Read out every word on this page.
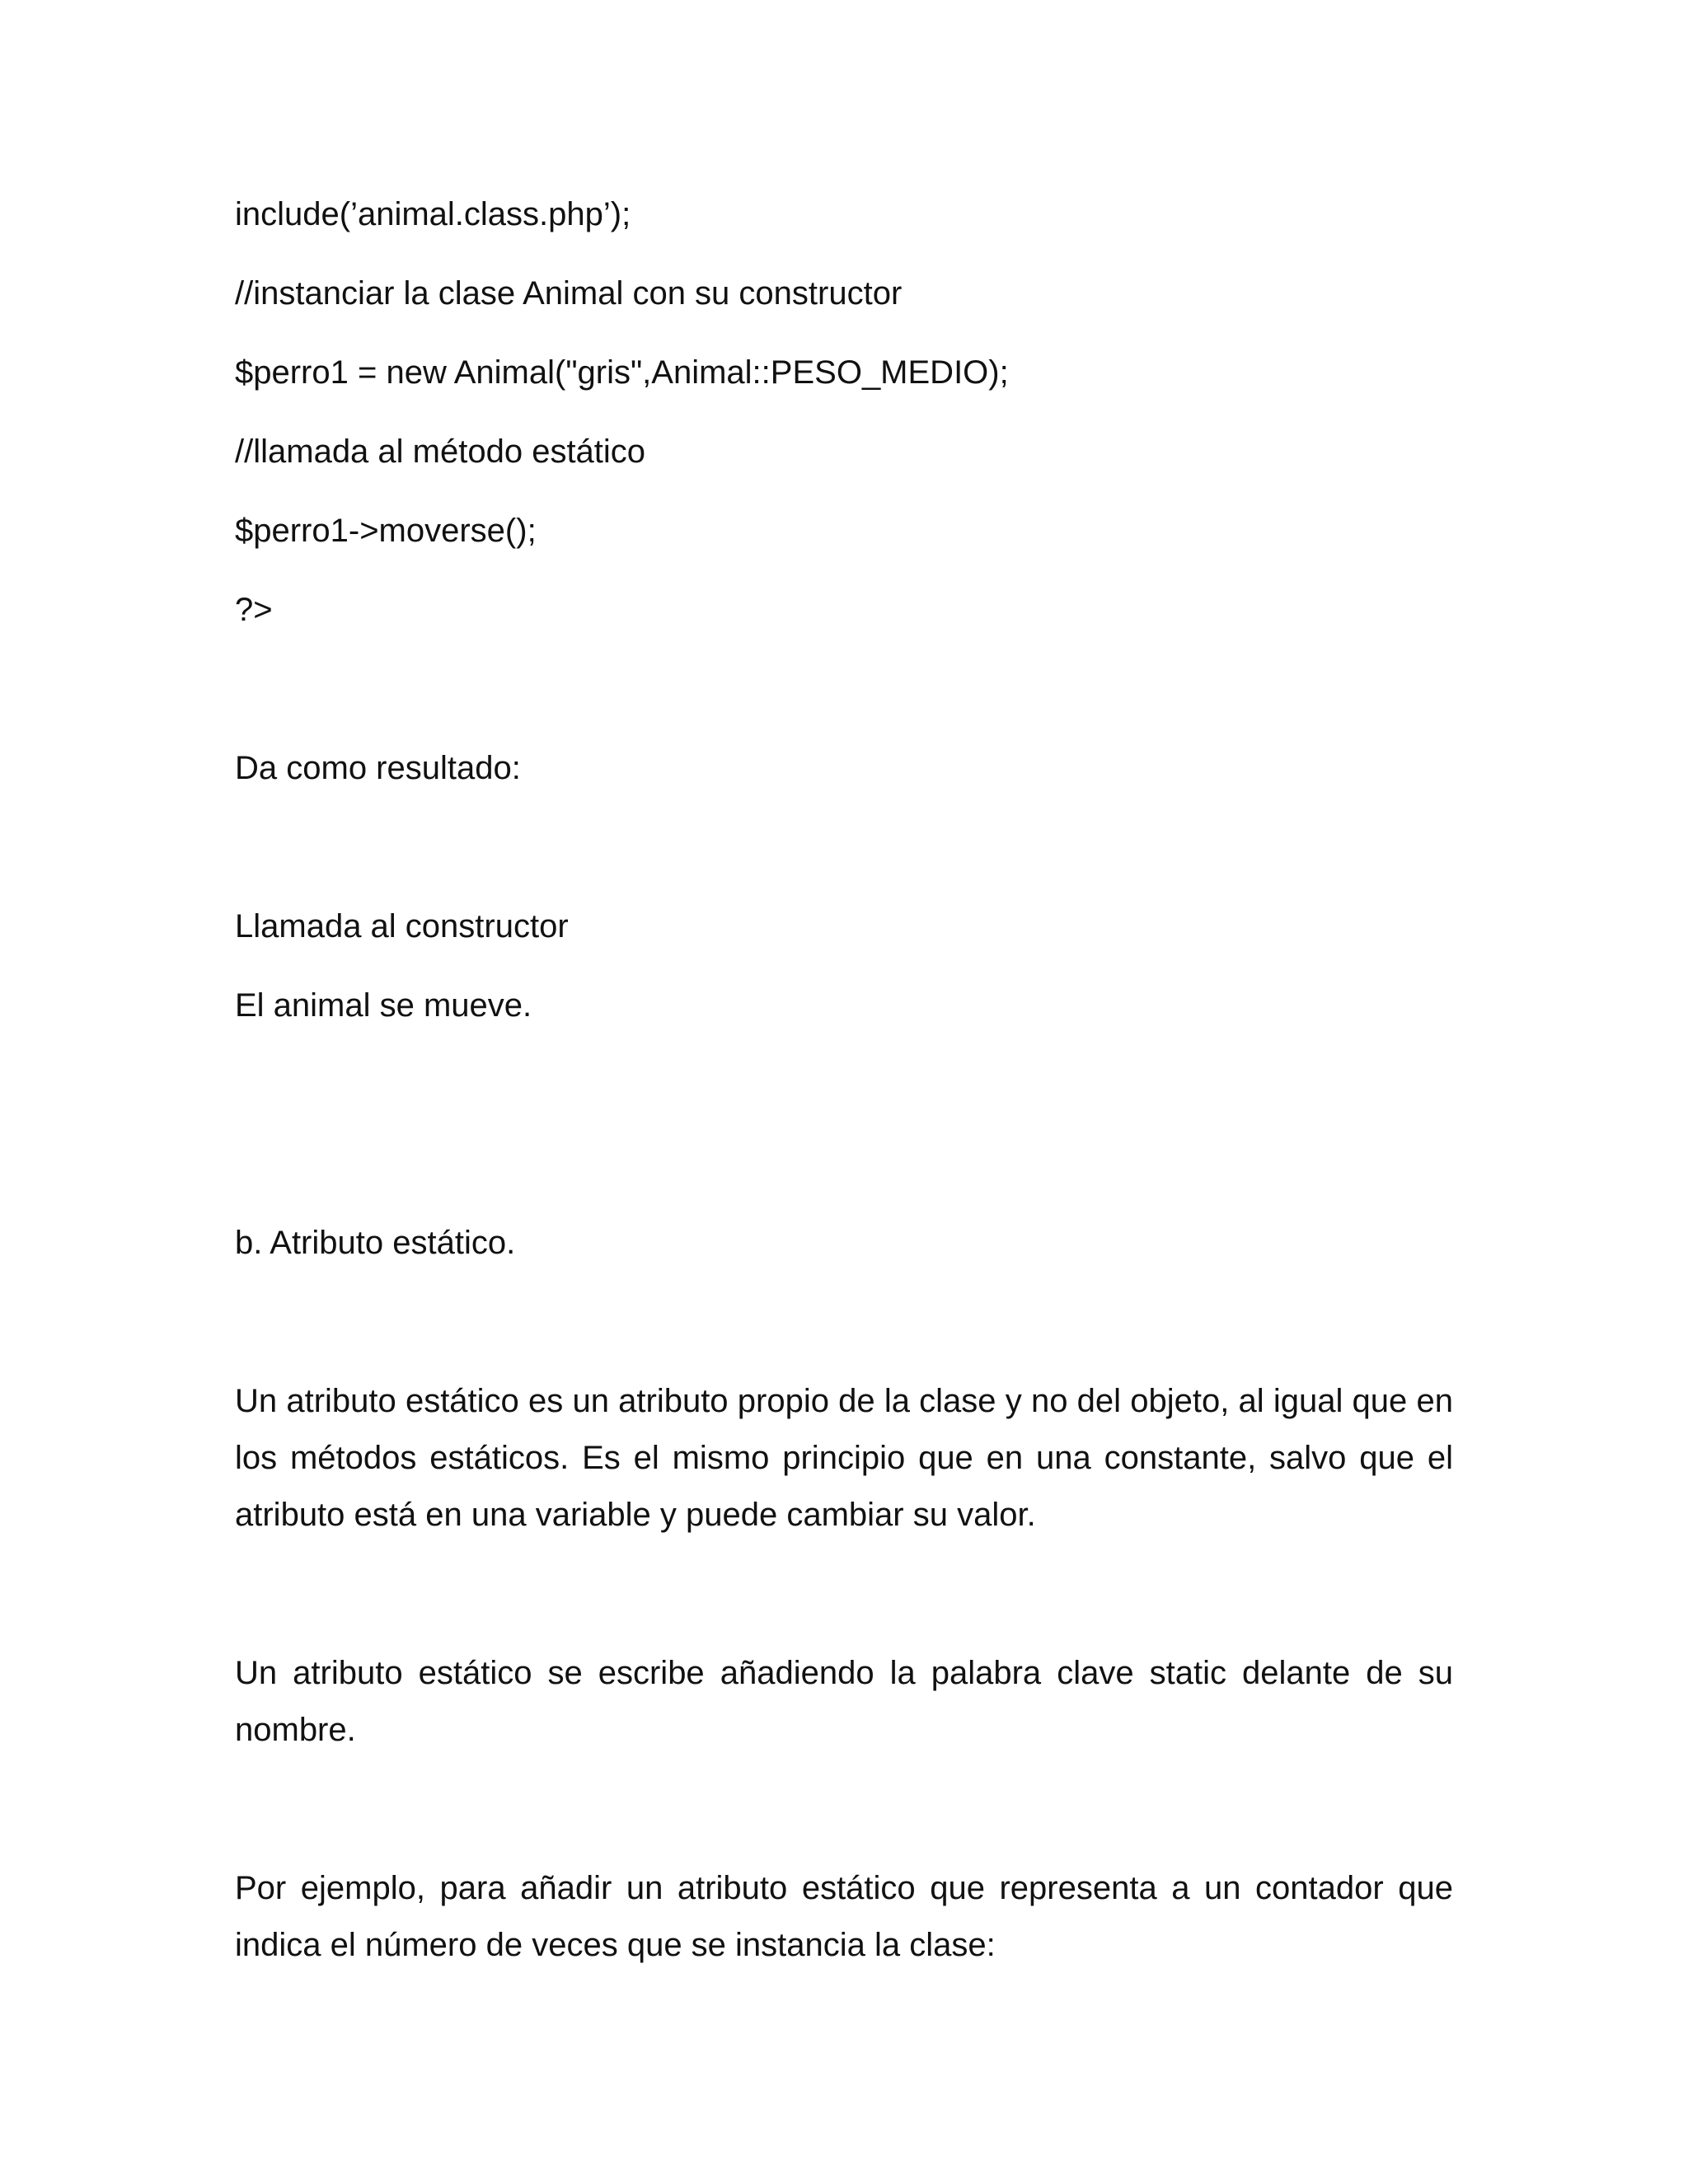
include(’animal.class.php’);

//instanciar la clase Animal con su constructor

$perro1 = new Animal("gris",Animal::PESO_MEDIO);

//llamada al método estático

$perro1->moverse();

?>

Da como resultado:

Llamada al constructor

El animal se mueve.

b. Atributo estático.

Un atributo estático es un atributo propio de la clase y no del objeto, al igual que en los métodos estáticos. Es el mismo principio que en una constante, salvo que el atributo está en una variable y puede cambiar su valor.

Un atributo estático se escribe añadiendo la palabra clave static delante de su nombre.

Por ejemplo, para añadir un atributo estático que representa a un contador que indica el número de veces que se instancia la clase:
